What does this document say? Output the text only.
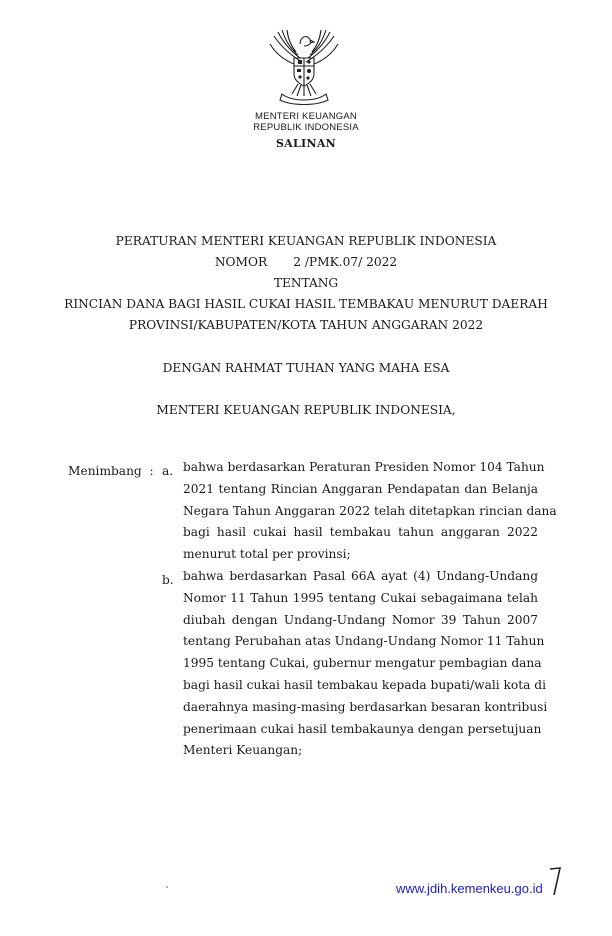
MENTERI KEUANGAN
REPUBLIK INDONESIA
SALINAN
PERATURAN MENTERI KEUANGAN REPUBLIK INDONESIA
NOMOR 2 /PMK.07/ 2022
TENTANG
RINCIAN DANA BAGI HASIL CUKAI HASIL TEMBAKAU MENURUT DAERAH
PROVINSI/KABUPATEN/KOTA TAHUN ANGGARAN 2022
DENGAN RAHMAT TUHAN YANG MAHA ESA
MENTERI KEUANGAN REPUBLIK INDONESIA,
Menimbang  : a. bahwa berdasarkan Peraturan Presiden Nomor 104 Tahun
2021 tentang Rincian Anggaran Pendapatan dan Belanja
Negara Tahun Anggaran 2022 telah ditetapkan rincian dana
bagi hasil cukai hasil tembakau tahun anggaran 2022
menurut total per provinsi;
b. bahwa berdasarkan Pasal 66A ayat (4) Undang-Undang
Nomor 11 Tahun 1995 tentang Cukai sebagaimana telah
diubah dengan Undang-Undang Nomor 39 Tahun 2007
tentang Perubahan atas Undang-Undang Nomor 11 Tahun
1995 tentang Cukai, gubernur mengatur pembagian dana
bagi hasil cukai hasil tembakau kepada bupati/wali kota di
daerahnya masing-masing berdasarkan besaran kontribusi
penerimaan cukai hasil tembakaunya dengan persetujuan
Menteri Keuangan;
www.jdih.kemenkeu.go.id
